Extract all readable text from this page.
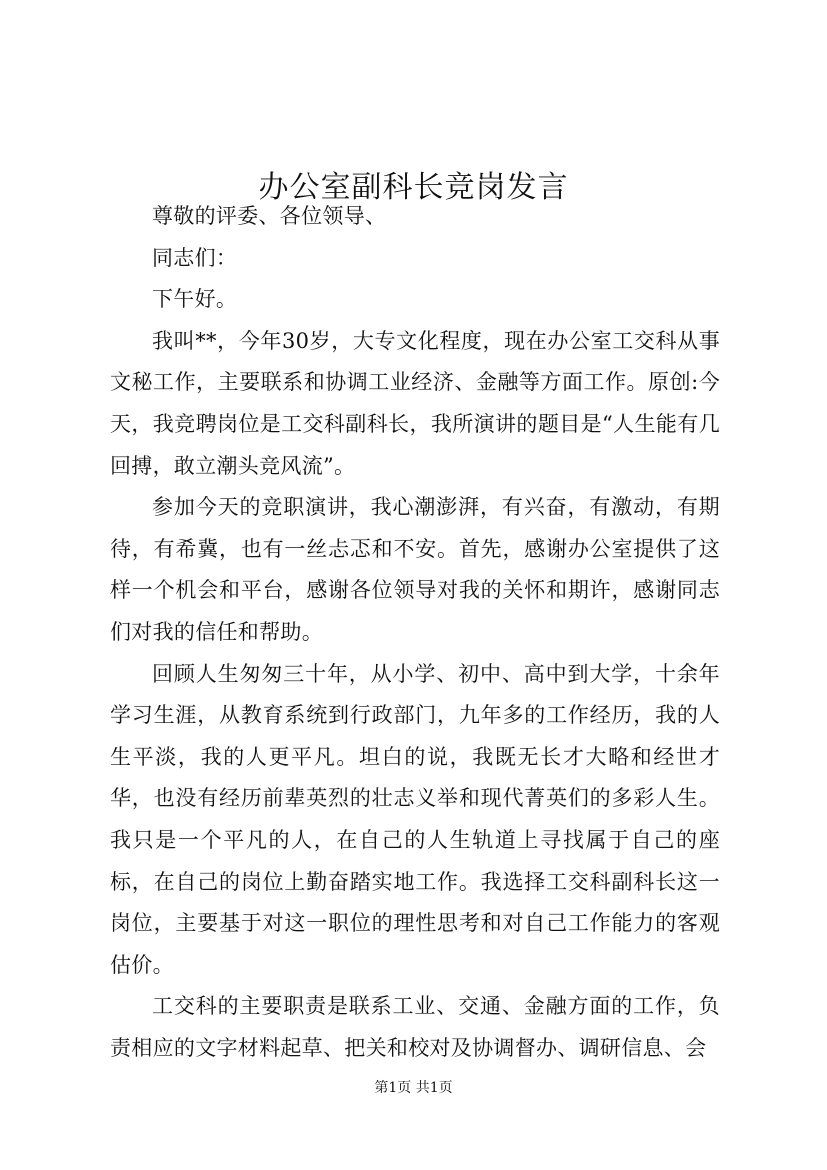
办公室副科长竞岗发言

尊敬的评委、各位领导、

同志们：

下午好。

我叫**，今年30岁，大专文化程度，现在办公室工交科从事文秘工作，主要联系和协调工业经济、金融等方面工作。原创:今天，我竞聘岗位是工交科副科长，我所演讲的题目是“人生能有几回搏，敢立潮头竞风流”。

参加今天的竞职演讲，我心潮澎湃，有兴奋，有激动，有期待，有希冀，也有一丝忐忑和不安。首先，感谢办公室提供了这样一个机会和平台，感谢各位领导对我的关怀和期许，感谢同志们对我的信任和帮助。

回顾人生匆匆三十年，从小学、初中、高中到大学，十余年学习生涯，从教育系统到行政部门，九年多的工作经历，我的人生平淡，我的人更平凡。坦白的说，我既无长才大略和经世才华，也没有经历前辈英烈的壮志义举和现代菁英们的多彩人生。我只是一个平凡的人，在自己的人生轨道上寻找属于自己的座标，在自己的岗位上勤奋踏实地工作。我选择工交科副科长这一岗位，主要基于对这一职位的理性思考和对自己工作能力的客观估价。

工交科的主要职责是联系工业、交通、金融方面的工作，负责相应的文字材料起草、把关和校对及协调督办、调研信息、会

第1页 共1页
